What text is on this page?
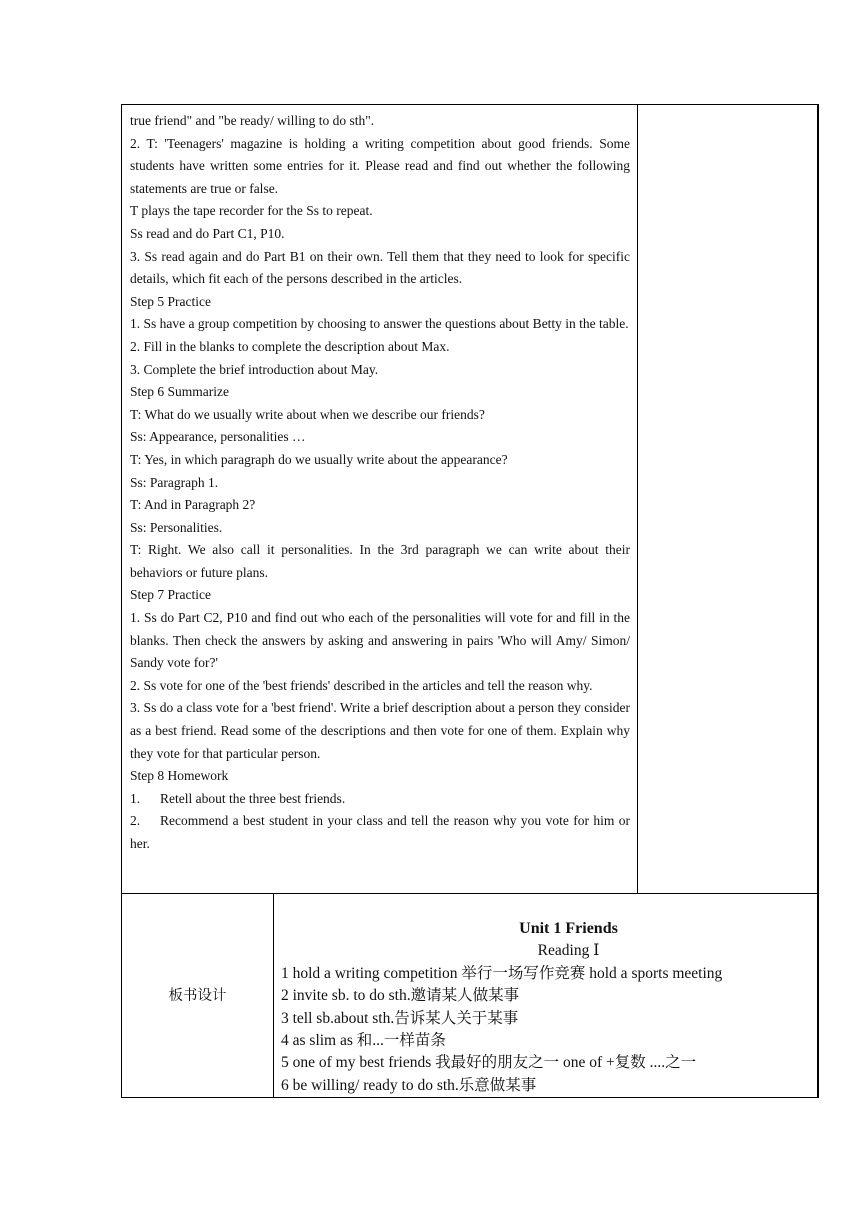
true friend" and "be ready/ willing to do sth".

2. T: 'Teenagers' magazine is holding a writing competition about good friends. Some students have written some entries for it. Please read and find out whether the following statements are true or false.

T plays the tape recorder for the Ss to repeat.

Ss read and do Part C1, P10.

3. Ss read again and do Part B1 on their own. Tell them that they need to look for specific details, which fit each of the persons described in the articles.

Step 5 Practice

1. Ss have a group competition by choosing to answer the questions about Betty in the table.

2. Fill in the blanks to complete the description about Max.

3. Complete the brief introduction about May.

Step 6 Summarize

T: What do we usually write about when we describe our friends?

Ss: Appearance, personalities …

T: Yes, in which paragraph do we usually write about the appearance?

Ss: Paragraph 1.

T: And in Paragraph 2?

Ss: Personalities.

T: Right. We also call it personalities. In the 3rd paragraph we can write about their behaviors or future plans.

Step 7 Practice

1. Ss do Part C2, P10 and find out who each of the personalities will vote for and fill in the blanks. Then check the answers by asking and answering in pairs 'Who will Amy/ Simon/ Sandy vote for?'

2. Ss vote for one of the 'best friends' described in the articles and tell the reason why.

3. Ss do a class vote for a 'best friend'. Write a brief description about a person they consider as a best friend. Read some of the descriptions and then vote for one of them. Explain why they vote for that particular person.

Step 8 Homework

1. Retell about the three best friends.

2. Recommend a best student in your class and tell the reason why you vote for him or her.

板书设计
Unit 1 Friends
Reading Ⅰ
1 hold a writing competition 举行一场写作竞赛 hold a sports meeting
2 invite sb. to do sth.邀请某人做某事
3 tell sb.about sth.告诉某人关于某事
4 as slim as 和...一样苗条
5 one of my best friends 我最好的朋友之一 one of +复数 ....之一
6 be willing/ ready to do sth.乐意做某事
